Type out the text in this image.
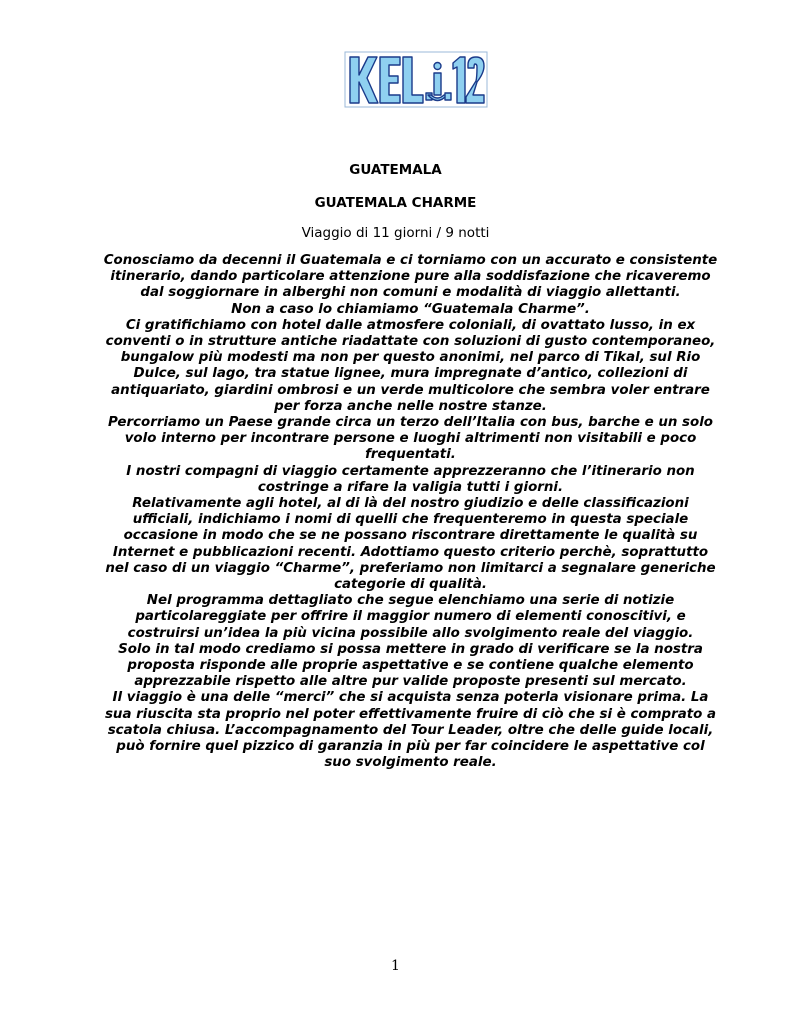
GUATEMALA
GUATEMALA CHARME
Viaggio di 11 giorni / 9 notti

Conosciamo da decenni il Guatemala e ci torniamo con un accurato e consistente itinerario, dando particolare attenzione pure alla soddisfazione che ricaveremo dal soggiornare in alberghi non comuni e modalità di viaggio allettanti.

Non a caso lo chiamiamo “Guatemala Charme”.

Ci gratifichiamo con hotel dalle atmosfere coloniali, di ovattato lusso, in ex conventi o in strutture antiche riadattate con soluzioni di gusto contemporaneo, bungalow più modesti ma non per questo anonimi, nel parco di Tikal, sul Rio Dulce, sul lago, tra statue lignee, mura impregnate d’antico, collezioni di antiquariato, giardini ombrosi e un verde multicolore che sembra voler entrare per forza anche nelle nostre stanze.

Percorriamo un Paese grande circa un terzo dell’Italia con bus, barche e un solo volo interno per incontrare persone e luoghi altrimenti non visitabili e poco frequentati.

I nostri compagni di viaggio certamente apprezzeranno che l’itinerario non costringe a rifare la valigia tutti i giorni.

Relativamente agli hotel, al di là del nostro giudizio e delle classificazioni ufficiali, indichiamo i nomi di quelli che frequenteremo in questa speciale occasione in modo che se ne possano riscontrare direttamente le qualità su Internet e pubblicazioni recenti. Adottiamo questo criterio perchè, soprattutto nel caso di un viaggio “Charme”, preferiamo non limitarci a segnalare generiche categorie di qualità.

Nel programma dettagliato che segue elenchiamo una serie di notizie particolareggiate per offrire il maggior numero di elementi conoscitivi, e costruirsi un’idea la più vicina possibile allo svolgimento reale del viaggio.

Solo in tal modo crediamo si possa mettere in grado di verificare se la nostra proposta risponde alle proprie aspettative e se contiene qualche elemento apprezzabile rispetto alle altre pur valide proposte presenti sul mercato.

Il viaggio è una delle “merci” che si acquista senza poterla visionare prima. La sua riuscita sta proprio nel poter effettivamente fruire di ciò che si è comprato a scatola chiusa. L’accompagnamento del Tour Leader, oltre che delle guide locali, può fornire quel pizzico di garanzia in più per far coincidere le aspettative col suo svolgimento reale.

1
